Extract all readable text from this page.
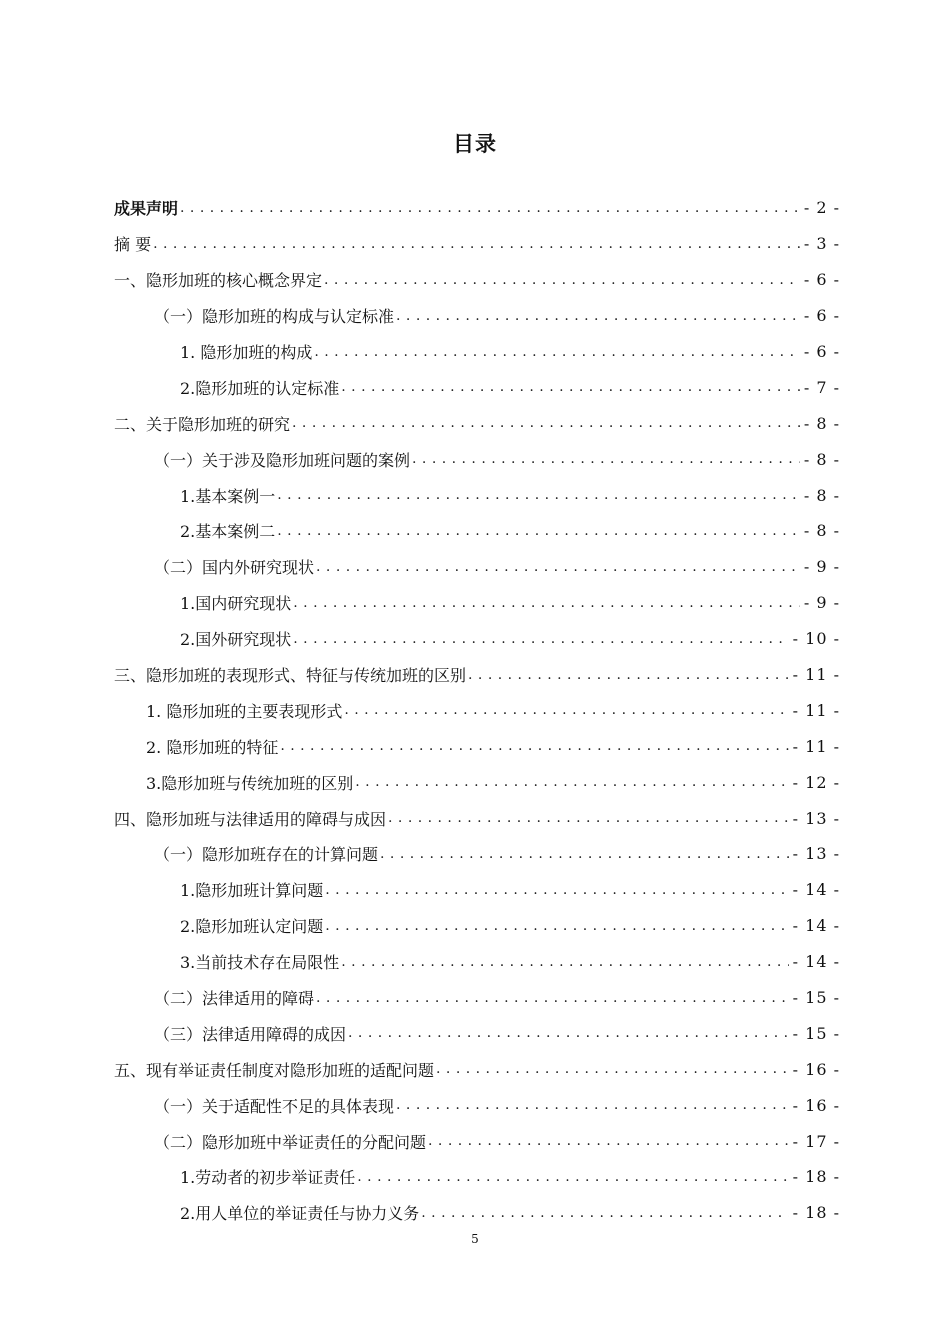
目录
成果声明 . . .	- 2 -
摘 要 . . .	- 3 -
一、隐形加班的核心概念界定 . . .	- 6 -
（一）隐形加班的构成与认定标准 . . .	- 6 -
1. 隐形加班的构成 . . .	- 6 -
2.隐形加班的认定标准 . . .	- 7 -
二、关于隐形加班的研究 . . .	- 8 -
（一）关于涉及隐形加班问题的案例 . . .	- 8 -
1.基本案例一 . . .	- 8 -
2.基本案例二 . . .	- 8 -
（二）国内外研究现状 . . .	- 9 -
1.国内研究现状 . . .	- 9 -
2.国外研究现状 . . .	- 10 -
三、隐形加班的表现形式、特征与传统加班的区别 . . .	- 11 -
1. 隐形加班的主要表现形式 . . .	- 11 -
2. 隐形加班的特征 . . .	- 11 -
3.隐形加班与传统加班的区别 . . .	- 12 -
四、隐形加班与法律适用的障碍与成因 . . .	- 13 -
（一）隐形加班存在的计算问题 . . .	- 13 -
1.隐形加班计算问题 . . .	- 14 -
2.隐形加班认定问题 . . .	- 14 -
3.当前技术存在局限性 . . .	- 14 -
（二）法律适用的障碍 . . .	- 15 -
（三）法律适用障碍的成因 . . .	- 15 -
五、现有举证责任制度对隐形加班的适配问题 . . .	- 16 -
（一）关于适配性不足的具体表现 . . .	- 16 -
（二）隐形加班中举证责任的分配问题 . . .	- 17 -
1.劳动者的初步举证责任 . . .	- 18 -
2.用人单位的举证责任与协力义务 . . .	- 18 -
5
